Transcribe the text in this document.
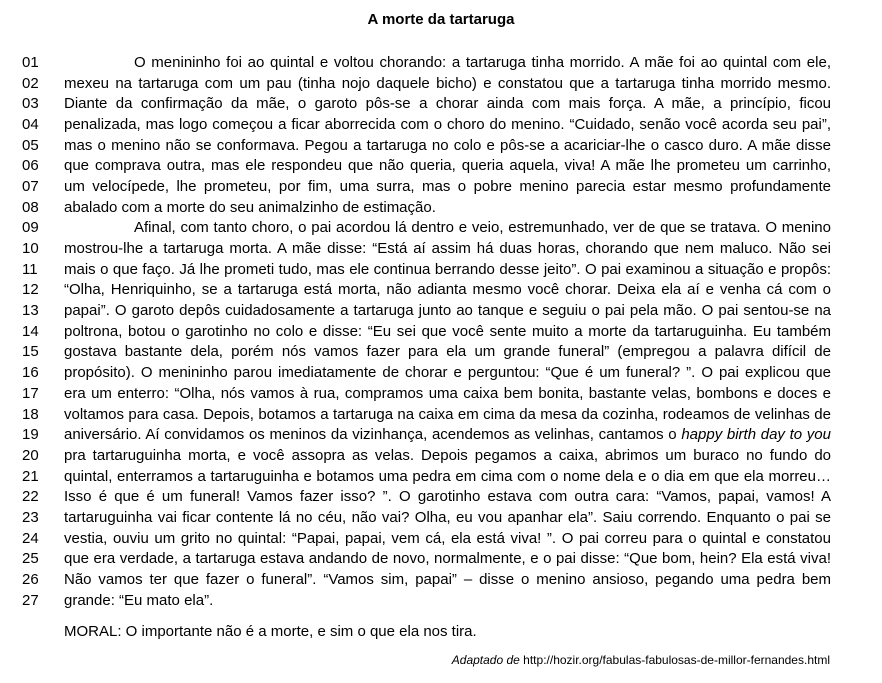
A morte da tartaruga
01	O menininho foi ao quintal e voltou chorando: a tartaruga tinha morrido. A mãe foi ao quintal com ele,
02	mexeu na tartaruga com um pau (tinha nojo daquele bicho) e constatou que a tartaruga tinha morrido mesmo.
03	Diante da confirmação da mãe, o garoto pôs-se a chorar ainda com mais força. A mãe, a princípio, ficou
04	penalizada, mas logo começou a ficar aborrecida com o choro do menino. “Cuidado, senão você acorda seu pai”,
05	mas o menino não se conformava. Pegou a tartaruga no colo e pôs-se a acariciar-lhe o casco duro. A mãe disse
06	que comprava outra, mas ele respondeu que não queria, queria aquela, viva! A mãe lhe prometeu um carrinho,
07	um velocípede, lhe prometeu, por fim, uma surra, mas o pobre menino parecia estar mesmo profundamente
08	abalado com a morte do seu animalzinho de estimação.
09	Afinal, com tanto choro, o pai acordou lá dentro e veio, estremunhado, ver de que se tratava. O menino
10	mostrou-lhe a tartaruga morta. A mãe disse: “Está aí assim há duas horas, chorando que nem maluco. Não sei
11	mais o que faço. Já lhe prometi tudo, mas ele continua berrando desse jeito”. O pai examinou a situação e propôs:
12	“Olha, Henriquinho, se a tartaruga está morta, não adianta mesmo você chorar. Deixa ela aí e venha cá com o
13	papai”. O garoto depôs cuidadosamente a tartaruga junto ao tanque e seguiu o pai pela mão. O pai sentou-se na
14	poltrona, botou o garotinho no colo e disse: “Eu sei que você sente muito a morte da tartaruguinha. Eu também
15	gostava bastante dela, porém nós vamos fazer para ela um grande funeral” (empregou a palavra difícil de
16	propósito). O menininho parou imediatamente de chorar e perguntou: “Que é um funeral? ”. O pai explicou que
17	era um enterro: “Olha, nós vamos à rua, compramos uma caixa bem bonita, bastante velas, bombons e doces e
18	voltamos para casa. Depois, botamos a tartaruga na caixa em cima da mesa da cozinha, rodeamos de velinhas de
19	aniversário. Aí convidamos os meninos da vizinhança, acendemos as velinhas, cantamos o happy birth day to you
20	pra tartaruguinha morta, e você assopra as velas. Depois pegamos a caixa, abrimos um buraco no fundo do
21	quintal, enterramos a tartaruguinha e botamos uma pedra em cima com o nome dela e o dia em que ela morreu…
22	Isso é que é um funeral! Vamos fazer isso? ”. O garotinho estava com outra cara: “Vamos, papai, vamos! A
23	tartaruguinha vai ficar contente lá no céu, não vai? Olha, eu vou apanhar ela”. Saiu correndo. Enquanto o pai se
24	vestia, ouviu um grito no quintal: “Papai, papai, vem cá, ela está viva! ”. O pai correu para o quintal e constatou
25	que era verdade, a tartaruga estava andando de novo, normalmente, e o pai disse: “Que bom, hein? Ela está viva!
26	Não vamos ter que fazer o funeral”. “Vamos sim, papai” – disse o menino ansioso, pegando uma pedra bem
27	grande: “Eu mato ela”.
MORAL: O importante não é a morte, e sim o que ela nos tira.
Adaptado de http://hozir.org/fabulas-fabulosas-de-millor-fernandes.html
